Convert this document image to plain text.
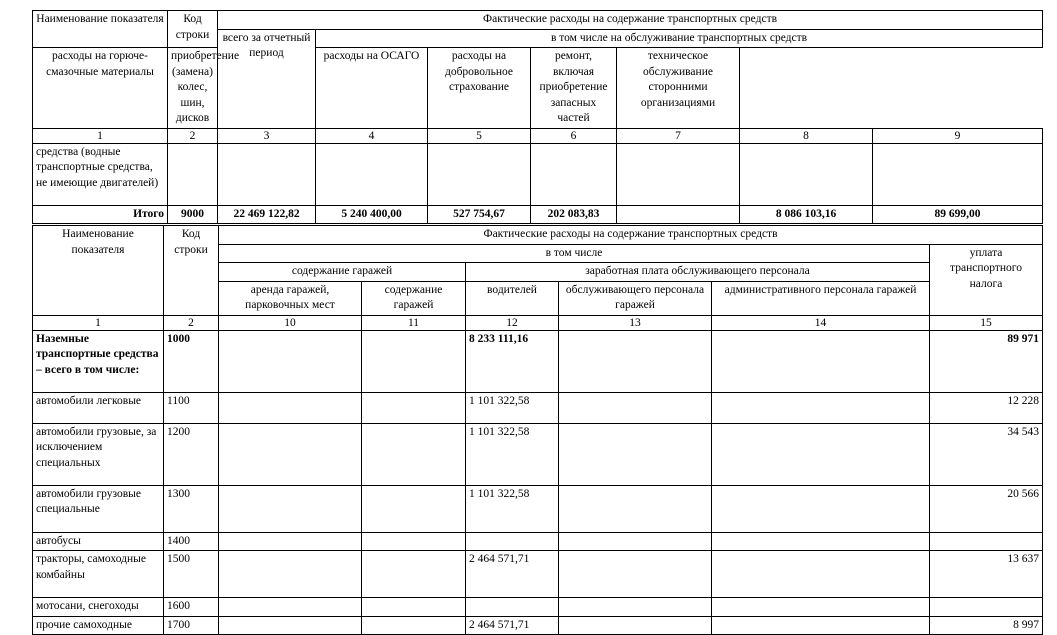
Наименование показателя	Код строки	Фактические расходы на содержание транспортных средств						
		всего за отчетный период	в том числе на обслуживание транспортных средств					
расходы на горюче-смазочные материалы	приобретение (замена) колес, шин, дисков		расходы на ОСАГО	расходы на добровольное страхование	ремонт, включая приобретение запасных частей	техническое обслуживание сторонними организациями		
1	2	3	4	5	6	7	8	9
средства (водные транспортные средства, не имеющие двигателей)								
Итого	9000	22 469 122,82	5 240 400,00	527 754,67	202 083,83		8 086 103,16	89 699,00
Наименование показателя	Код строки	Фактические расходы на содержание транспортных средств					
		в том числе					уплата транспортного налога
		содержание гаражей		заработная плата обслуживающего персонала			
		аренда гаражей, парковочных мест	содержание гаражей	водителей	обслуживающего персонала гаражей	административного персонала гаражей	
1	2	10	11	12	13	14	15
Наземные транспортные средства – всего в том числе:	1000			8 233 111,16			89 971
автомобили легковые	1100			1 101 322,58			12 228
автомобили грузовые, за исключением специальных	1200			1 101 322,58			34 543
автомобили грузовые специальные	1300			1 101 322,58			20 566
автобусы	1400						
тракторы, самоходные комбайны	1500			2 464 571,71			13 637
мотосани, снегоходы	1600						
прочие самоходные	1700			2 464 571,71			8 997
